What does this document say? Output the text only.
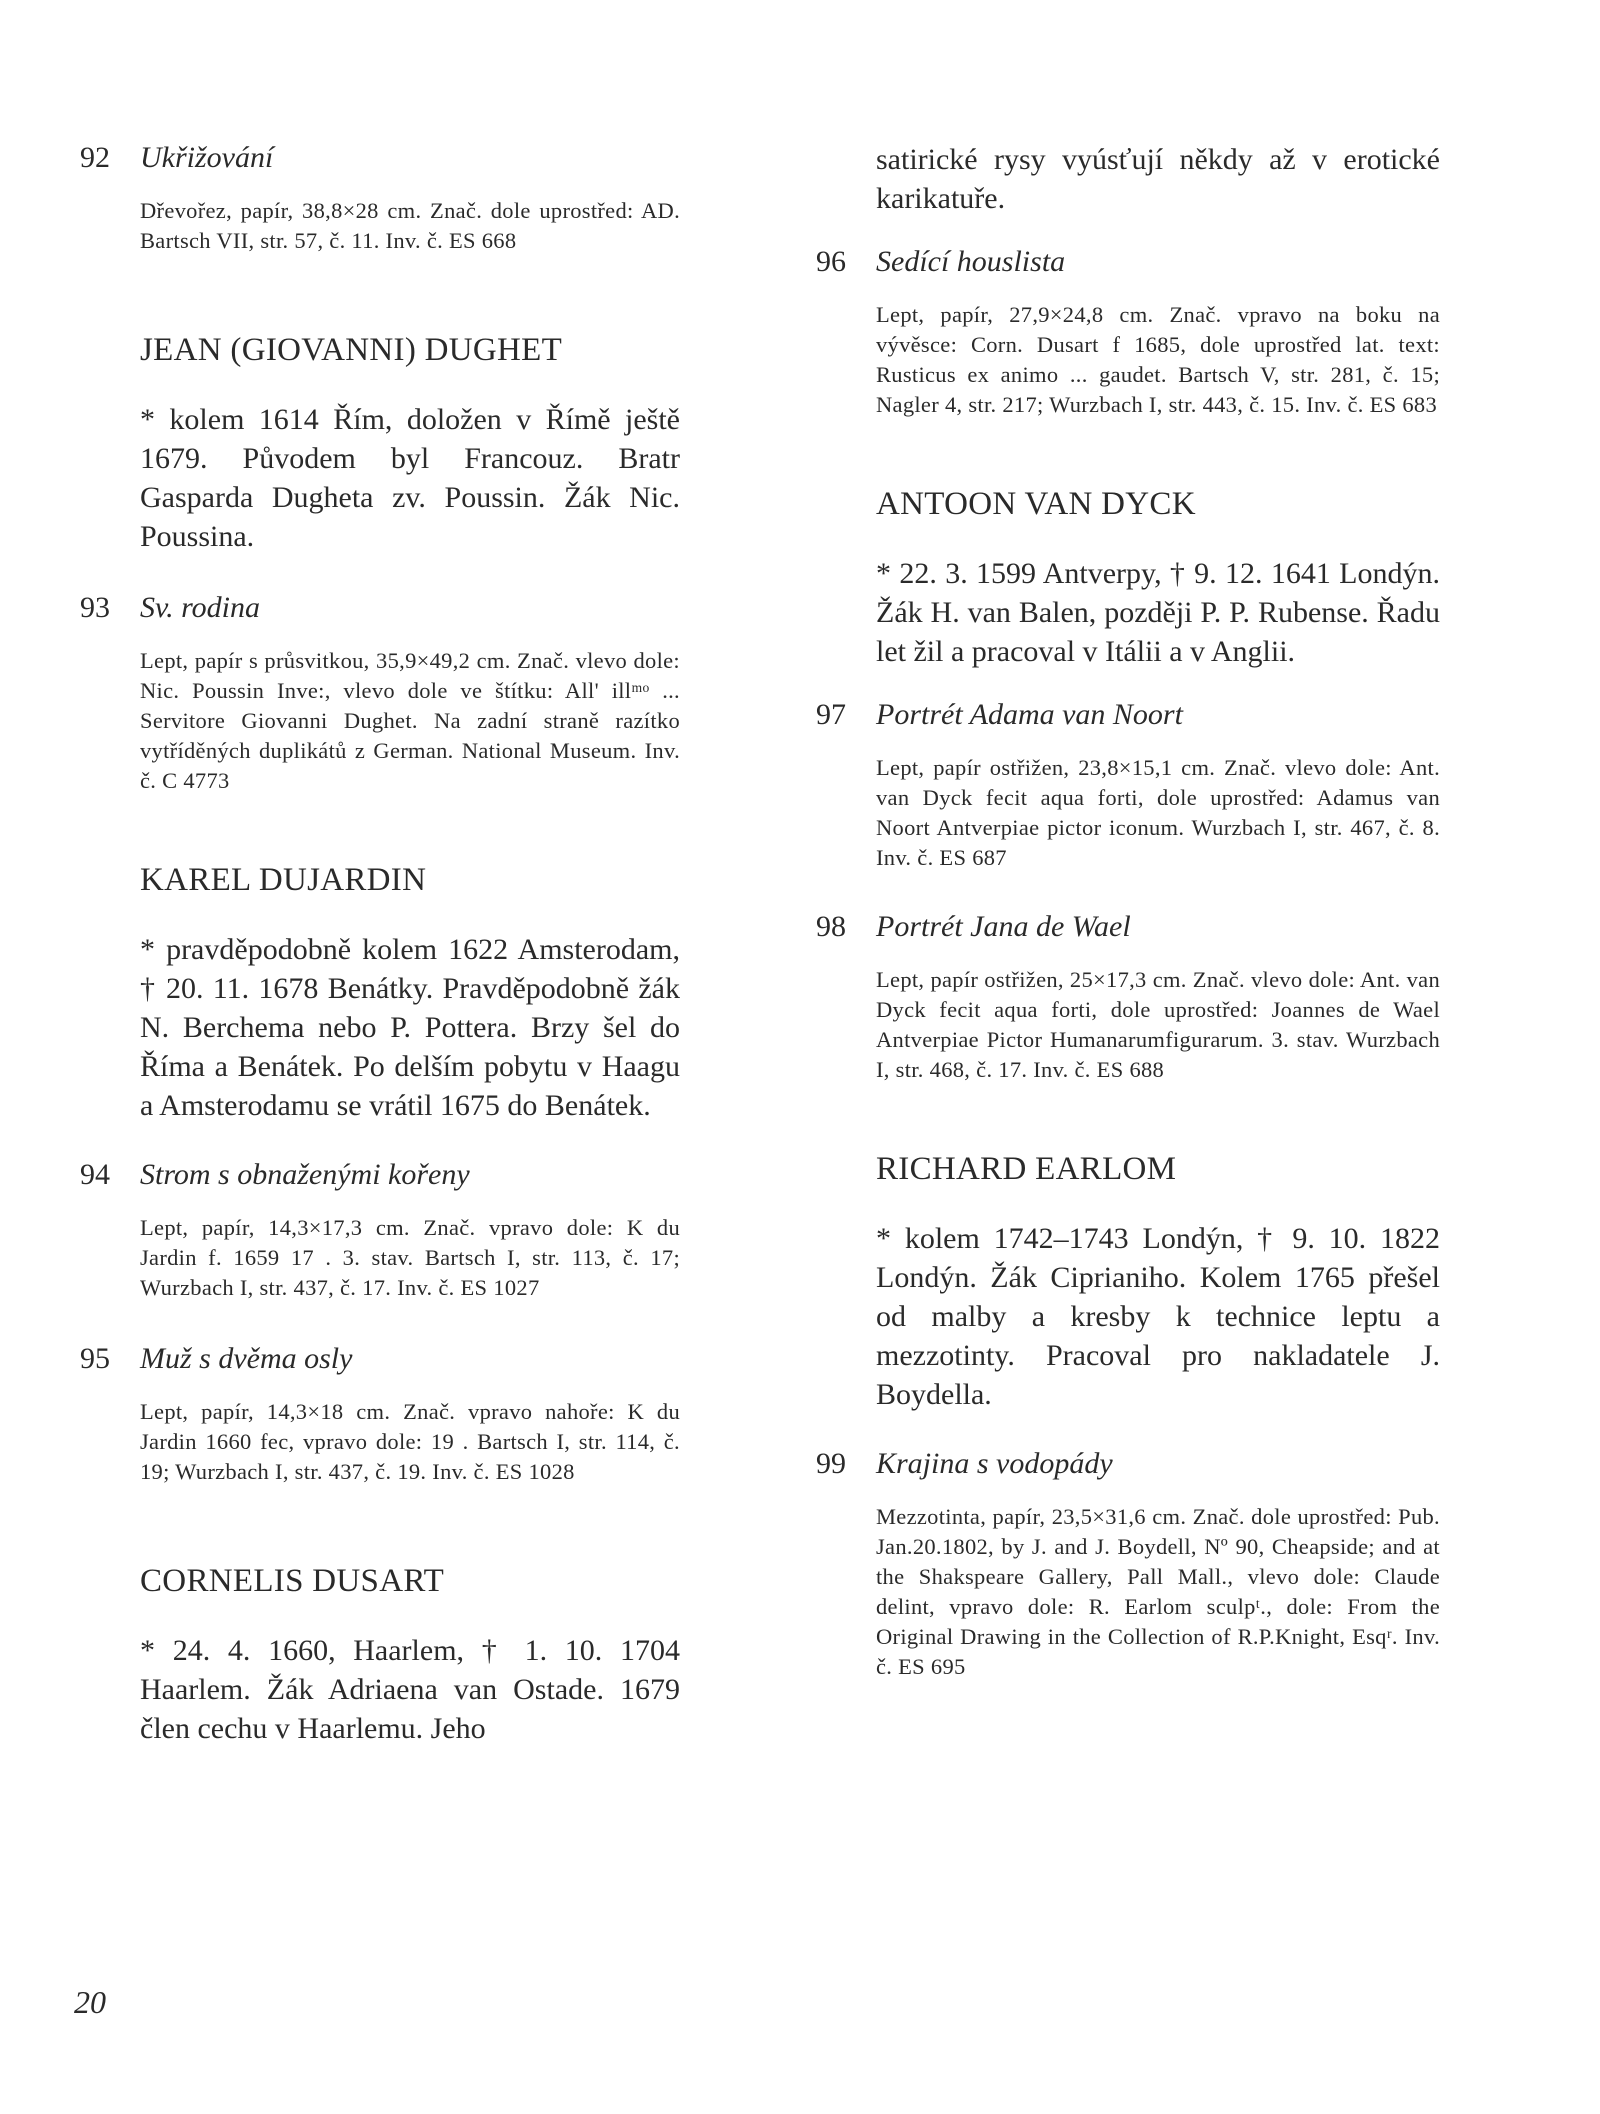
92	Ukřižování
Dřevořez, papír, 38,8×28 cm. Znač. dole uprostřed: AD. Bartsch VII, str. 57, č. 11. Inv. č. ES 668
JEAN (GIOVANNI) DUGHET
* kolem 1614 Řím, doložen v Římě ještě 1679. Původem byl Francouz. Bratr Gasparda Dugheta zv. Poussin. Žák Nic. Poussina.
93	Sv. rodina
Lept, papír s průsvitkou, 35,9×49,2 cm. Znač. vlevo dole: Nic. Poussin Inve:, vlevo dole ve štítku: All' illᵐᵒ ... Servitore Giovanni Dughet. Na zadní straně razítko vytříděných duplikátů z German. National Museum. Inv. č. C 4773
KAREL DUJARDIN
* pravděpodobně kolem 1622 Amsterodam, † 20. 11. 1678 Benátky. Pravděpodobně žák N. Berchema nebo P. Pottera. Brzy šel do Říma a Benátek. Po delším pobytu v Haagu a Amsterodamu se vrátil 1675 do Benátek.
94	Strom s obnaženými kořeny
Lept, papír, 14,3×17,3 cm. Znač. vpravo dole: K du Jardin f. 1659 17 . 3. stav. Bartsch I, str. 113, č. 17; Wurzbach I, str. 437, č. 17. Inv. č. ES 1027
95	Muž s dvěma osly
Lept, papír, 14,3×18 cm. Znač. vpravo nahoře: K du Jardin 1660 fec, vpravo dole: 19 . Bartsch I, str. 114, č. 19; Wurzbach I, str. 437, č. 19. Inv. č. ES 1028
CORNELIS DUSART
* 24. 4. 1660, Haarlem, † 1. 10. 1704 Haarlem. Žák Adriaena van Ostade. 1679 člen cechu v Haarlemu. Jeho
satirické rysy vyúsťují někdy až v erotické karikatuře.
96	Sedící houslista
Lept, papír, 27,9×24,8 cm. Znač. vpravo na boku na vývěsce: Corn. Dusart f 1685, dole uprostřed lat. text: Rusticus ex animo ... gaudet. Bartsch V, str. 281, č. 15; Nagler 4, str. 217; Wurzbach I, str. 443, č. 15. Inv. č. ES 683
ANTOON VAN DYCK
* 22. 3. 1599 Antverpy, † 9. 12. 1641 Londýn. Žák H. van Balen, později P. P. Rubense. Řadu let žil a pracoval v Itálii a v Anglii.
97	Portrét Adama van Noort
Lept, papír ostřižen, 23,8×15,1 cm. Znač. vlevo dole: Ant. van Dyck fecit aqua forti, dole uprostřed: Adamus van Noort Antverpiae pictor iconum. Wurzbach I, str. 467, č. 8. Inv. č. ES 687
98	Portrét Jana de Wael
Lept, papír ostřižen, 25×17,3 cm. Znač. vlevo dole: Ant. van Dyck fecit aqua forti, dole uprostřed: Joannes de Wael Antverpiae Pictor Humanarumfigurarum. 3. stav. Wurzbach I, str. 468, č. 17. Inv. č. ES 688
RICHARD EARLOM
* kolem 1742–1743 Londýn, † 9. 10. 1822 Londýn. Žák Ciprianiho. Kolem 1765 přešel od malby a kresby k technice leptu a mezzotinty. Pracoval pro nakladatele J. Boydella.
99	Krajina s vodopády
Mezzotinta, papír, 23,5×31,6 cm. Znač. dole uprostřed: Pub. Jan.20.1802, by J. and J. Boydell, Nº 90, Cheapside; and at the Shakspeare Gallery, Pall Mall., vlevo dole: Claude delint, vpravo dole: R. Earlom sculpᵗ., dole: From the Original Drawing in the Collection of R.P.Knight, Esqʳ. Inv. č. ES 695
20
